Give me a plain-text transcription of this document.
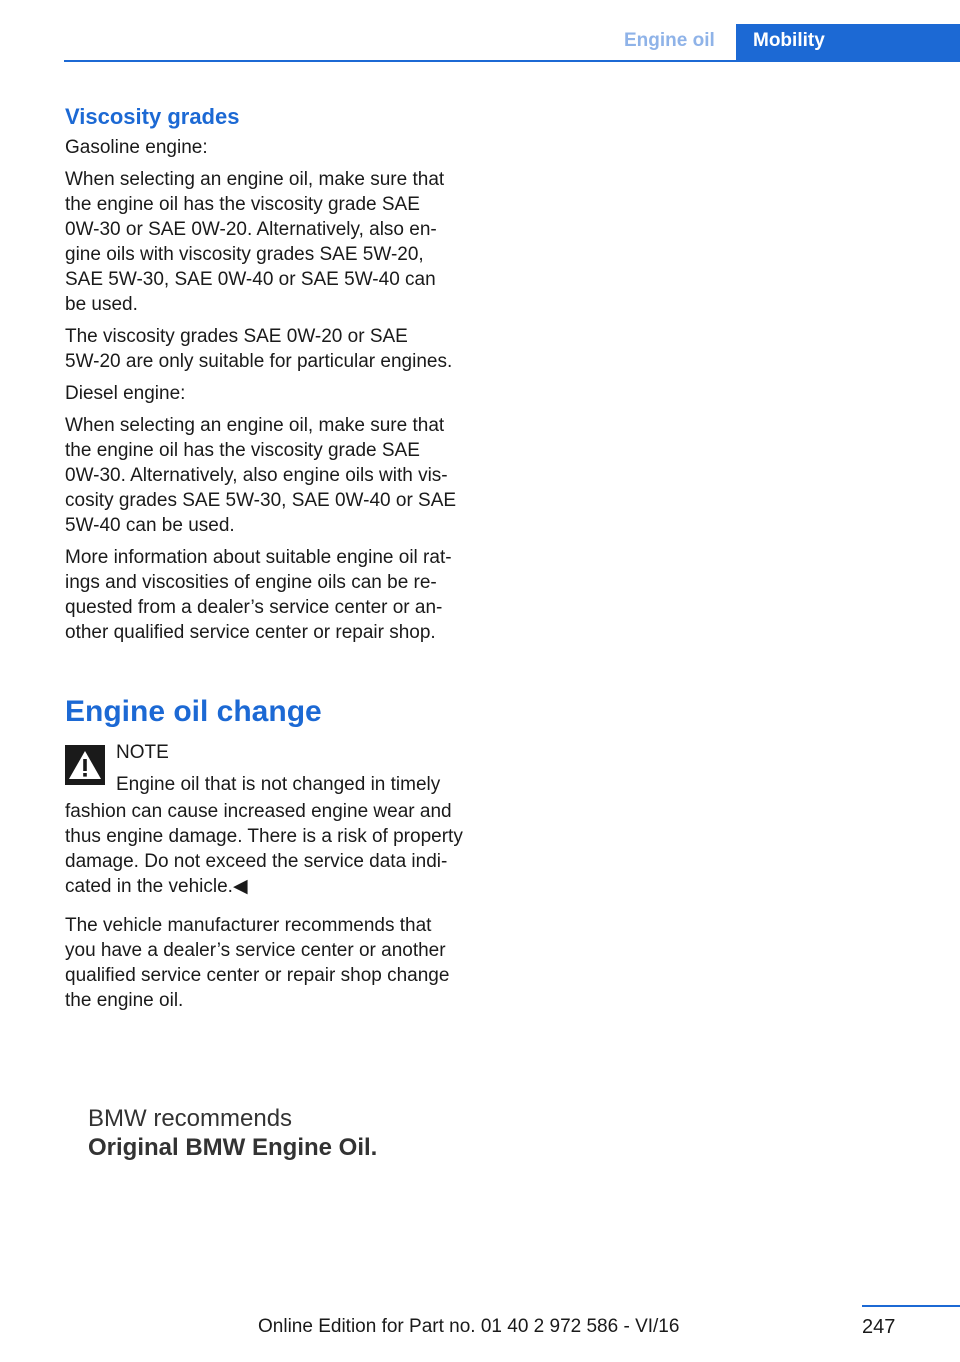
Engine oil Mobility

Viscosity grades

Gasoline engine:

When selecting an engine oil, make sure that

the engine oil has the viscosity grade SAE

0W-30 or SAE 0W-20. Alternatively, also en‐

gine oils with viscosity grades SAE 5W-20,

SAE 5W-30, SAE 0W-40 or SAE 5W-40 can

be used.

The viscosity grades SAE 0W-20 or SAE

5W-20 are only suitable for particular engines.

Diesel engine:

When selecting an engine oil, make sure that

the engine oil has the viscosity grade SAE

0W-30. Alternatively, also engine oils with vis‐

cosity grades SAE 5W-30, SAE 0W-40 or SAE

5W-40 can be used.

More information about suitable engine oil rat‐

ings and viscosities of engine oils can be re‐

quested from a dealer’s service center or an‐

other qualified service center or repair shop.

Engine oil change

NOTE

Engine oil that is not changed in timely

fashion can cause increased engine wear and

thus engine damage. There is a risk of property

damage. Do not exceed the service data indi‐

cated in the vehicle.◀

The vehicle manufacturer recommends that

you have a dealer’s service center or another

qualified service center or repair shop change

the engine oil.

BMW recommends
Original BMW Engine Oil.
247
Online Edition for Part no. 01 40 2 972 586 - VI/16
